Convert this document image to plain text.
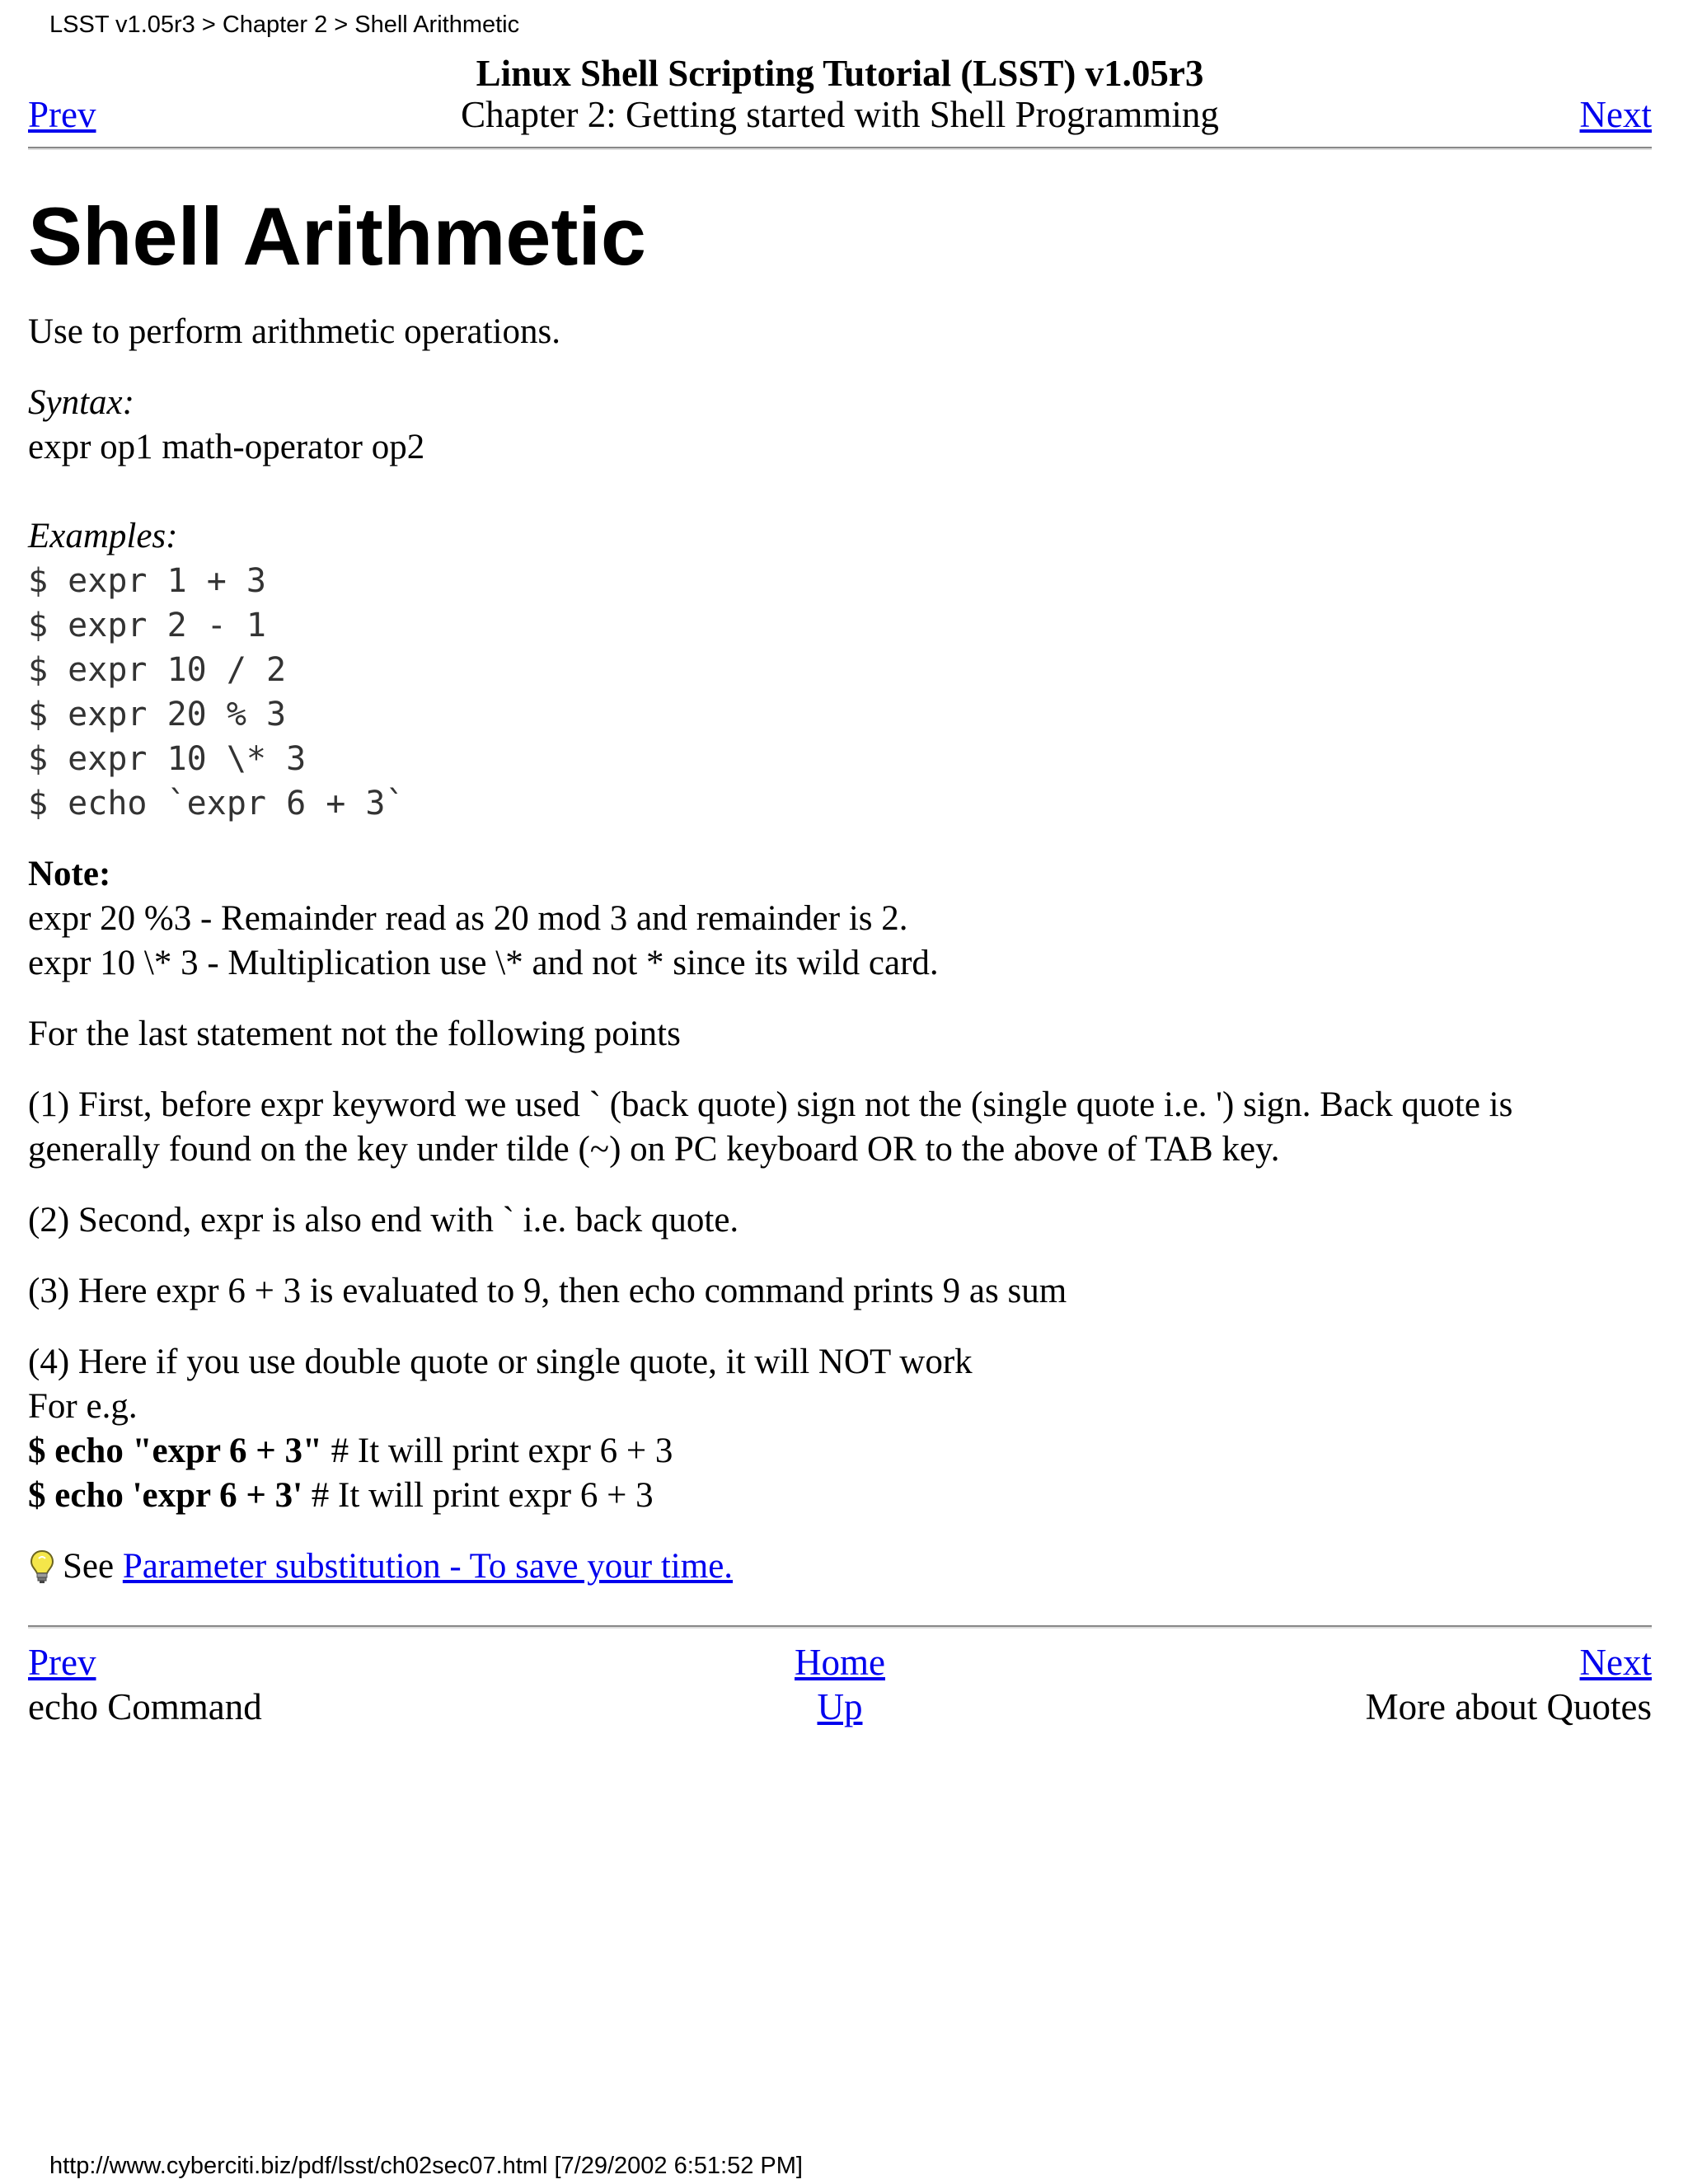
LSST v1.05r3 > Chapter 2 > Shell Arithmetic
Prev
Linux Shell Scripting Tutorial (LSST) v1.05r3
Chapter 2: Getting started with Shell Programming	Next
Shell Arithmetic

Use to perform arithmetic operations.

Syntax:
expr op1 math-operator op2
Examples:
$ expr 1 + 3
$ expr 2 - 1
$ expr 10 / 2
$ expr 20 % 3
$ expr 10 \* 3
$ echo `expr 6 + 3`
Note:
expr 20 %3 - Remainder read as 20 mod 3 and remainder is 2.
expr 10 \* 3 - Multiplication use \* and not * since its wild card.

For the last statement not the following points

(1) First, before expr keyword we used ` (back quote) sign not the (single quote i.e. ') sign. Back quote is generally found on the key under tilde (~) on PC keyboard OR to the above of TAB key.

(2) Second, expr is also end with ` i.e. back quote.

(3) Here expr 6 + 3 is evaluated to 9, then echo command prints 9 as sum

(4) Here if you use double quote or single quote, it will NOT work
For e.g.
$ echo "expr 6 + 3" # It will print expr 6 + 3
$ echo 'expr 6 + 3' # It will print expr 6 + 3
See Parameter substitution - To save your time.
Prev
echo Command
Home
Up
Next
More about Quotes
http://www.cyberciti.biz/pdf/lsst/ch02sec07.html [7/29/2002 6:51:52 PM]
